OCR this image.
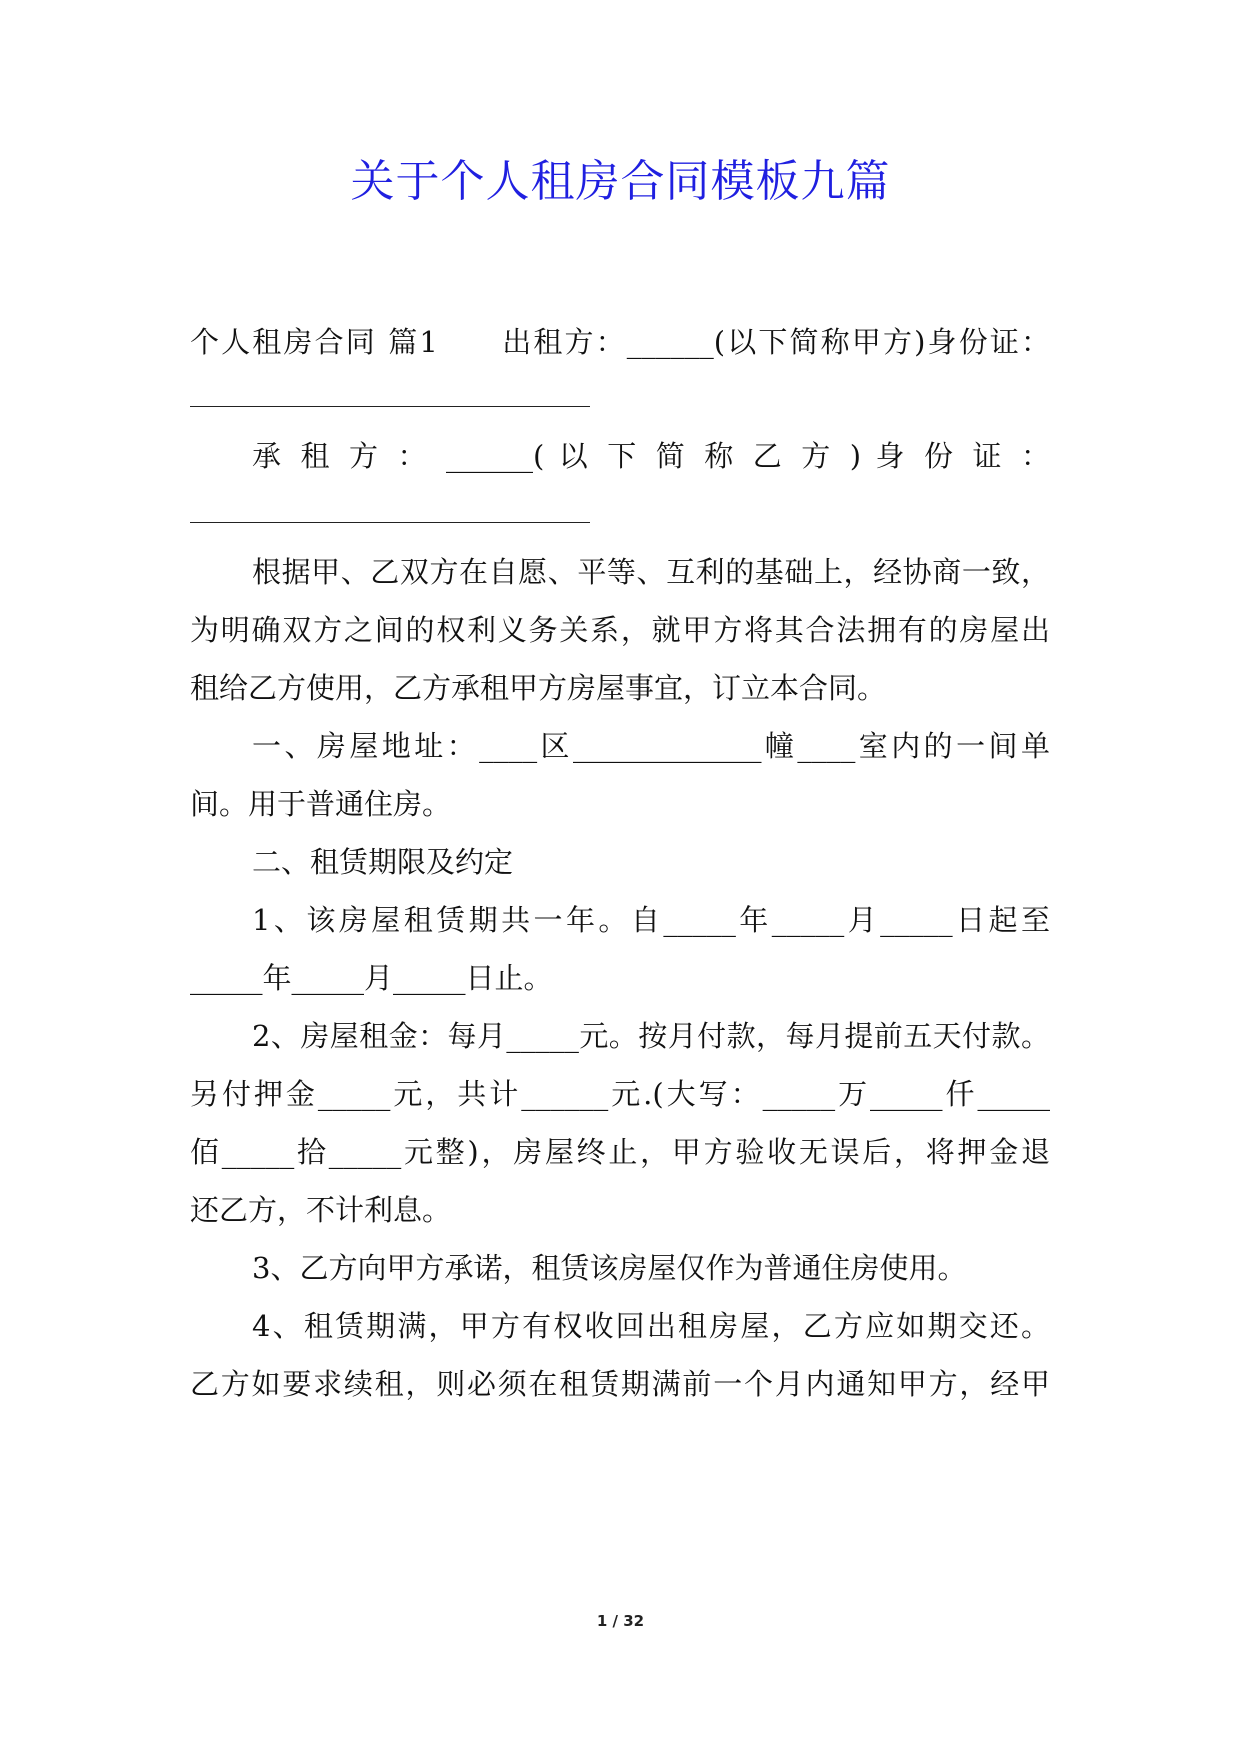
关于个人租房合同模板九篇
个人租房合同 篇1　　出租方：______(以下简称甲方)身份证：
承 租 方 ： ______( 以 下 简 称 乙 方 ) 身 份 证 ：
根据甲、乙双方在自愿、平等、互利的基础上，经协商一致，
为明确双方之间的权利义务关系，就甲方将其合法拥有的房屋出
租给乙方使用，乙方承租甲方房屋事宜，订立本合同。
一、房屋地址：____区_____________幢____室内的一间单
间。用于普通住房。
二、租赁期限及约定
1、该房屋租赁期共一年。自_____年_____月_____日起至
_____年_____月_____日止。
2、房屋租金：每月_____元。按月付款，每月提前五天付款。
另付押金_____元，共计______元.(大写：_____万_____仟_____
佰_____拾_____元整)，房屋终止，甲方验收无误后，将押金退
还乙方，不计利息。
3、乙方向甲方承诺，租赁该房屋仅作为普通住房使用。
4、租赁期满，甲方有权收回出租房屋，乙方应如期交还。
乙方如要求续租，则必须在租赁期满前一个月内通知甲方，经甲
1 / 32
